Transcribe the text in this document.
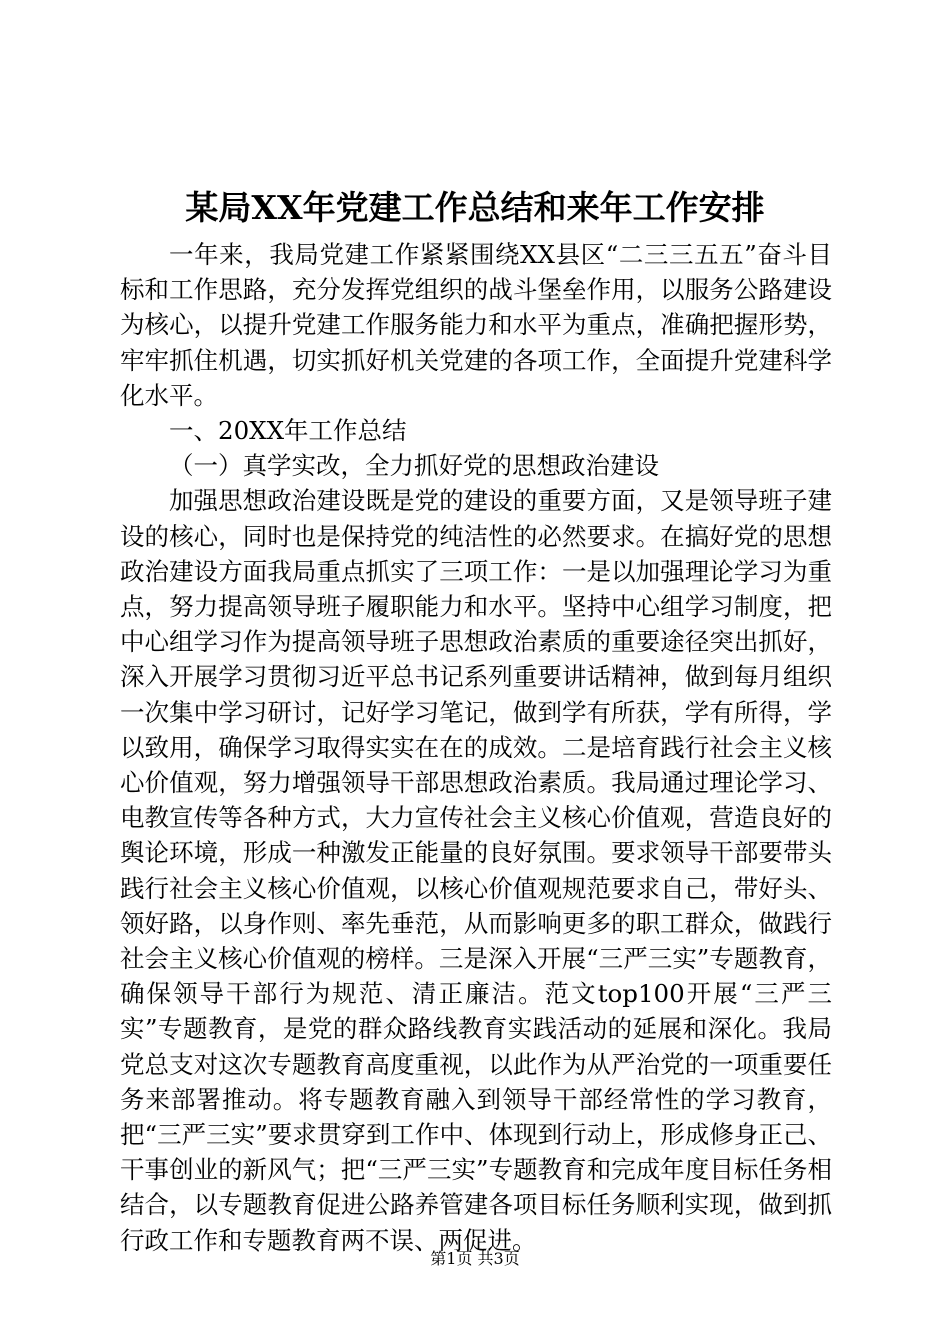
某局XX年党建工作总结和来年工作安排

一年来，我局党建工作紧紧围绕XX县区“二三三五五”奋斗目标和工作思路，充分发挥党组织的战斗堡垒作用，以服务公路建设为核心，以提升党建工作服务能力和水平为重点，准确把握形势，牢牢抓住机遇，切实抓好机关党建的各项工作，全面提升党建科学化水平。

一、20XX年工作总结

（一）真学实改，全力抓好党的思想政治建设

加强思想政治建设既是党的建设的重要方面，又是领导班子建设的核心，同时也是保持党的纯洁性的必然要求。在搞好党的思想政治建设方面我局重点抓实了三项工作：一是以加强理论学习为重点，努力提高领导班子履职能力和水平。坚持中心组学习制度，把中心组学习作为提高领导班子思想政治素质的重要途径突出抓好，深入开展学习贯彻习近平总书记系列重要讲话精神，做到每月组织一次集中学习研讨，记好学习笔记，做到学有所获，学有所得，学以致用，确保学习取得实实在在的成效。二是培育践行社会主义核心价值观，努力增强领导干部思想政治素质。我局通过理论学习、电教宣传等各种方式，大力宣传社会主义核心价值观，营造良好的舆论环境，形成一种激发正能量的良好氛围。要求领导干部要带头践行社会主义核心价值观，以核心价值观规范要求自己，带好头、领好路，以身作则、率先垂范，从而影响更多的职工群众，做践行社会主义核心价值观的榜样。三是深入开展“三严三实”专题教育，确保领导干部行为规范、清正廉洁。范文top100开展“三严三实”专题教育，是党的群众路线教育实践活动的延展和深化。我局党总支对这次专题教育高度重视，以此作为从严治党的一项重要任务来部署推动。将专题教育融入到领导干部经常性的学习教育，把“三严三实”要求贯穿到工作中、体现到行动上，形成修身正己、干事创业的新风气；把“三严三实”专题教育和完成年度目标任务相结合，以专题教育促进公路养管建各项目标任务顺利实现，做到抓行政工作和专题教育两不误、两促进。

第1页 共3页
